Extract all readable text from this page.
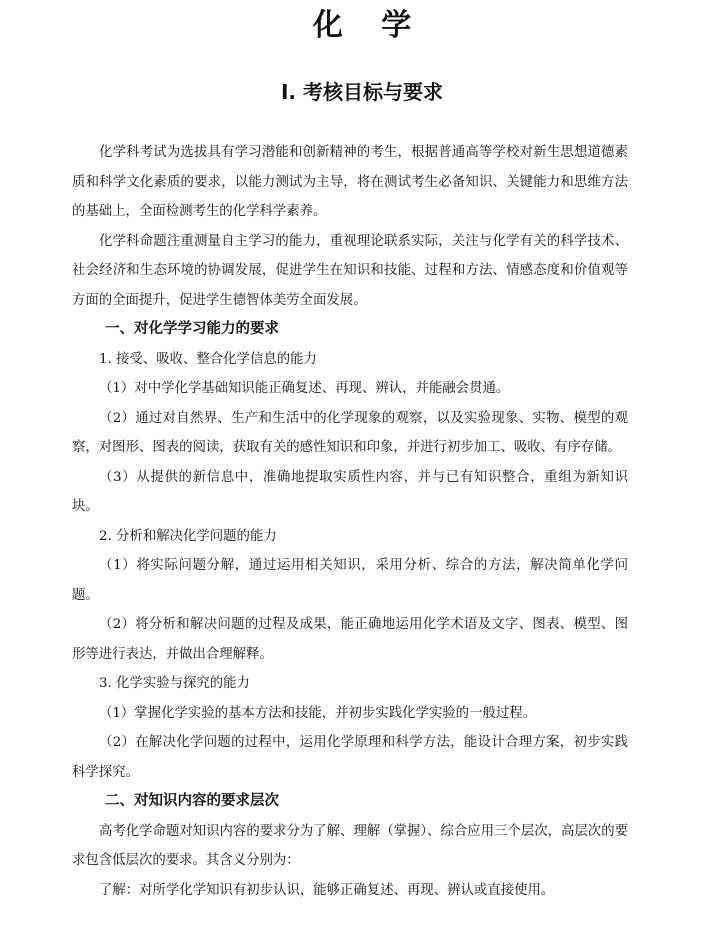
化 学
Ⅰ. 考核目标与要求

化学科考试为选拔具有学习潜能和创新精神的考生，根据普通高等学校对新生思想道德素质和科学文化素质的要求，以能力测试为主导，将在测试考生必备知识、关键能力和思维方法的基础上，全面检测考生的化学科学素养。

化学科命题注重测量自主学习的能力，重视理论联系实际，关注与化学有关的科学技术、社会经济和生态环境的协调发展，促进学生在知识和技能、过程和方法、情感态度和价值观等方面的全面提升，促进学生德智体美劳全面发展。

一、对化学学习能力的要求

1. 接受、吸收、整合化学信息的能力

（1）对中学化学基础知识能正确复述、再现、辨认，并能融会贯通。

（2）通过对自然界、生产和生活中的化学现象的观察，以及实验现象、实物、模型的观察，对图形、图表的阅读，获取有关的感性知识和印象，并进行初步加工、吸收、有序存储。

（3）从提供的新信息中，准确地提取实质性内容，并与已有知识整合，重组为新知识块。

2. 分析和解决化学问题的能力

（1）将实际问题分解，通过运用相关知识，采用分析、综合的方法，解决简单化学问题。

（2）将分析和解决问题的过程及成果，能正确地运用化学术语及文字、图表、模型、图形等进行表达，并做出合理解释。

3. 化学实验与探究的能力

（1）掌握化学实验的基本方法和技能，并初步实践化学实验的一般过程。

（2）在解决化学问题的过程中，运用化学原理和科学方法，能设计合理方案，初步实践科学探究。

二、对知识内容的要求层次

高考化学命题对知识内容的要求分为了解、理解（掌握）、综合应用三个层次，高层次的要求包含低层次的要求。其含义分别为：

了解：对所学化学知识有初步认识，能够正确复述、再现、辨认或直接使用。
